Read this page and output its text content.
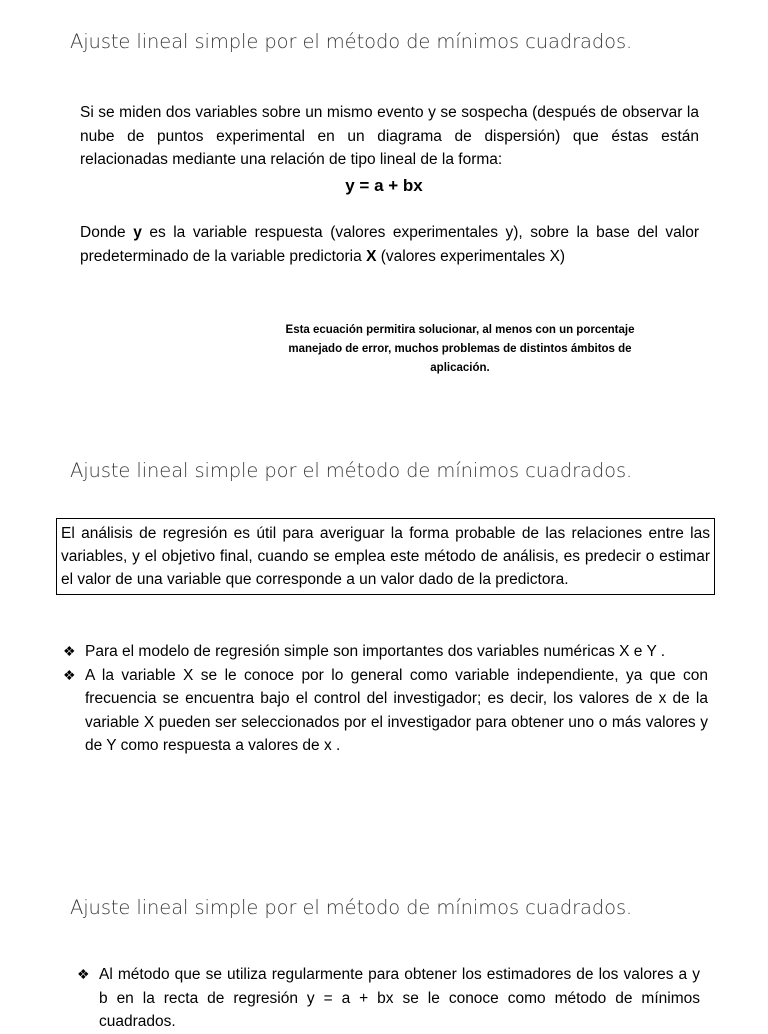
Ajuste lineal simple por el método de mínimos cuadrados.
Si se miden dos variables sobre un mismo evento y se sospecha (después de observar la nube de puntos experimental en un diagrama de dispersión) que éstas están relacionadas mediante una relación de tipo lineal de la forma:
y = a + bx
Donde y es la variable respuesta (valores experimentales y), sobre la base del valor predeterminado de la variable predictoria X (valores experimentales X)
Esta ecuación permitira solucionar, al menos con un porcentaje manejado de error, muchos problemas de distintos ámbitos de aplicación.
Ajuste lineal simple por el método de mínimos cuadrados.
El análisis de regresión es útil para averiguar la forma probable de las relaciones entre las variables, y el objetivo final, cuando se emplea este método de análisis, es predecir o estimar el valor de una variable que corresponde a un valor dado de la predictora.
❖ Para el modelo de regresión simple son importantes dos variables numéricas X e Y .
❖ A la variable X se le conoce por lo general como variable independiente, ya que con frecuencia se encuentra bajo el control del investigador; es decir, los valores de x de la variable X pueden ser seleccionados por el investigador para obtener uno o más valores y de Y como respuesta a valores de x .
Ajuste lineal simple por el método de mínimos cuadrados.
❖ Al método que se utiliza regularmente para obtener los estimadores de los valores a y b en la recta de regresión y = a + bx se le conoce como método de mínimos cuadrados.
